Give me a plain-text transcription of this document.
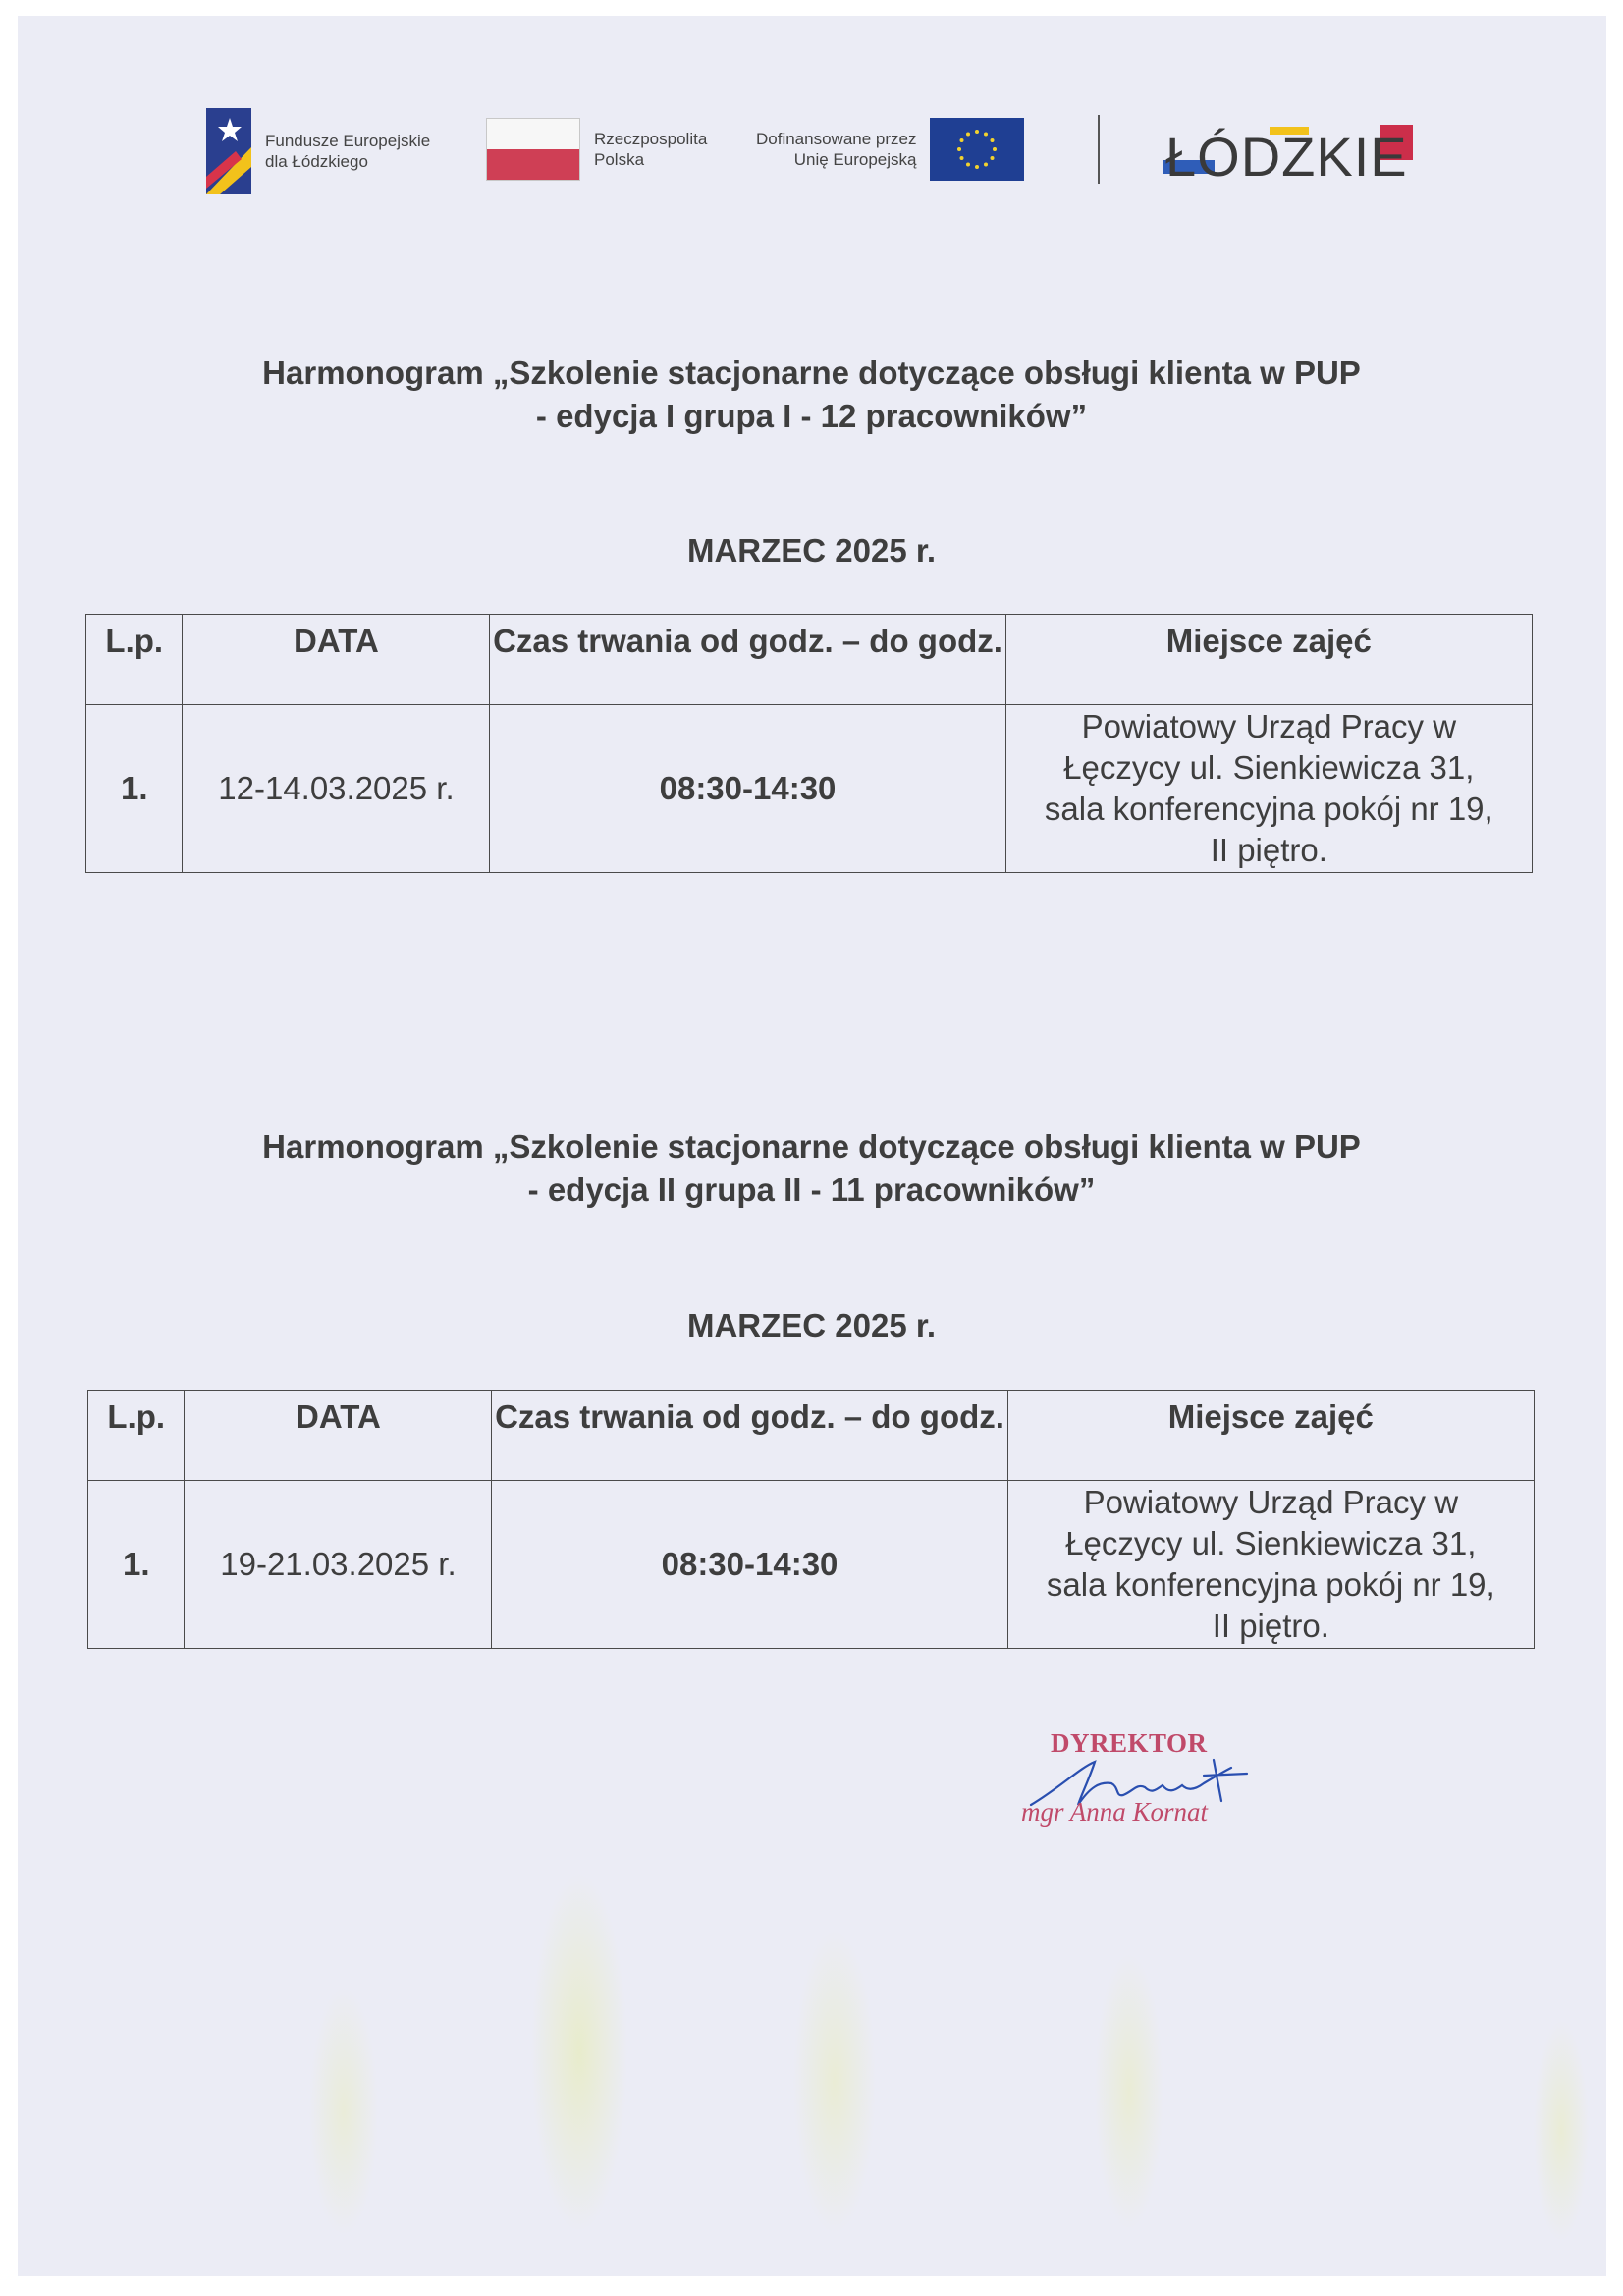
Fundusze Europejskie
dla Łódzkiego
Rzeczpospolita
Polska
Dofinansowane przez
Unię Europejską	ŁÓDZKIE
Harmonogram „Szkolenie stacjonarne dotyczące obsługi klienta w PUP
- edycja I grupa I - 12 pracowników”
MARZEC 2025 r.
L.p.	DATA	Czas trwania od godz. – do godz.	Miejsce zajęć
1.	12-14.03.2025 r.	08:30-14:30	Powiatowy Urząd Pracy w
Łęczycy ul. Sienkiewicza 31,
sala konferencyjna pokój nr 19,
II piętro.
Harmonogram „Szkolenie stacjonarne dotyczące obsługi klienta w PUP
- edycja II grupa II - 11 pracowników”
MARZEC 2025 r.
L.p.	DATA	Czas trwania od godz. – do godz.	Miejsce zajęć
1.	19-21.03.2025 r.	08:30-14:30	Powiatowy Urząd Pracy w
Łęczycy ul. Sienkiewicza 31,
sala konferencyjna pokój nr 19,
II piętro.
DYREKTOR
mgr Anna Kornat
